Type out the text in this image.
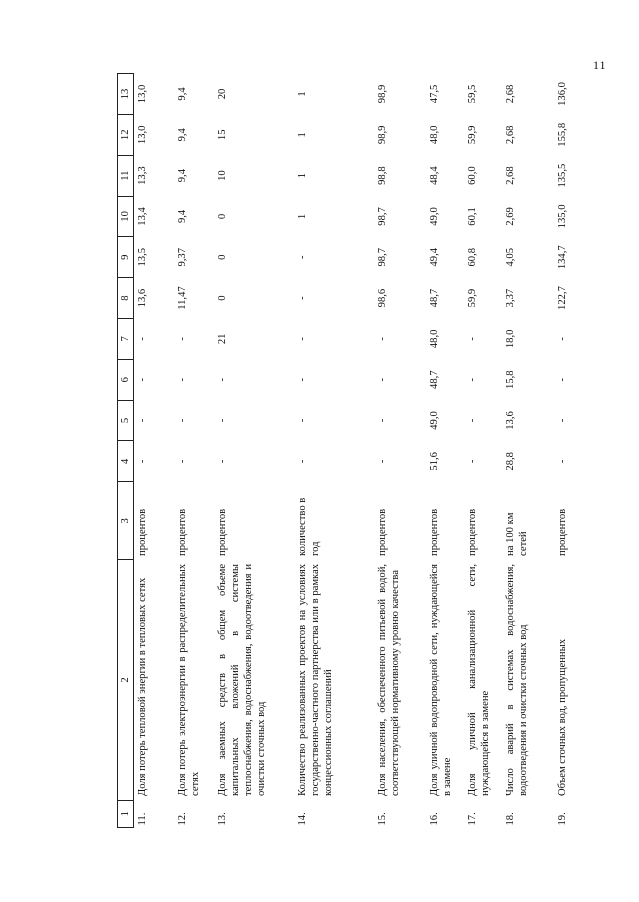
11
1	2	3	4	5	6	7	8	9	10	11	12	13
11.	Доля потерь тепловой энергии в тепловых сетях	процентов	-	-	-	-	13,6	13,5	13,4	13,3	13,0	13,0
12.	Доля потерь электроэнергии в распределительных сетях	процентов	-	-	-	-	11,47	9,37	9,4	9,4	9,4	9,4
13.	Доля заемных средств в общем объеме капитальных вложений в системы теплоснабжения, водоснабжения, водоотведения и очистки сточных вод	процентов	-	-	-	21	0	0	0	10	15	20
14.	Количество реализованных проектов на условиях государственно-частного партнерства или в рамках концессионных соглашений	количество в год	-	-	-	-	-	-	1	1	1	1
15.	Доля населения, обеспеченного питьевой водой, соответствующей нормативному уровню качества	процентов	-	-	-	-	98,6	98,7	98,7	98,8	98,9	98,9
16.	Доля уличной водопроводной сети, нуждающейся в замене	процентов	51,6	49,0	48,7	48,0	48,7	49,4	49,0	48,4	48,0	47,5
17.	Доля уличной канализационной сети, нуждающейся в замене	процентов	-	-	-	-	59,9	60,8	60,1	60,0	59,9	59,5
18.	Число аварий в системах водоснабжения, водоотведения и очистки сточных вод	на 100 км сетей	28,8	13,6	15,8	18,0	3,37	4,05	2,69	2,68	2,68	2,68
19.	Объем сточных вод, пропущенных	процентов	-	-	-	-	122,7	134,7	135,0	135,5	155,8	136,0
